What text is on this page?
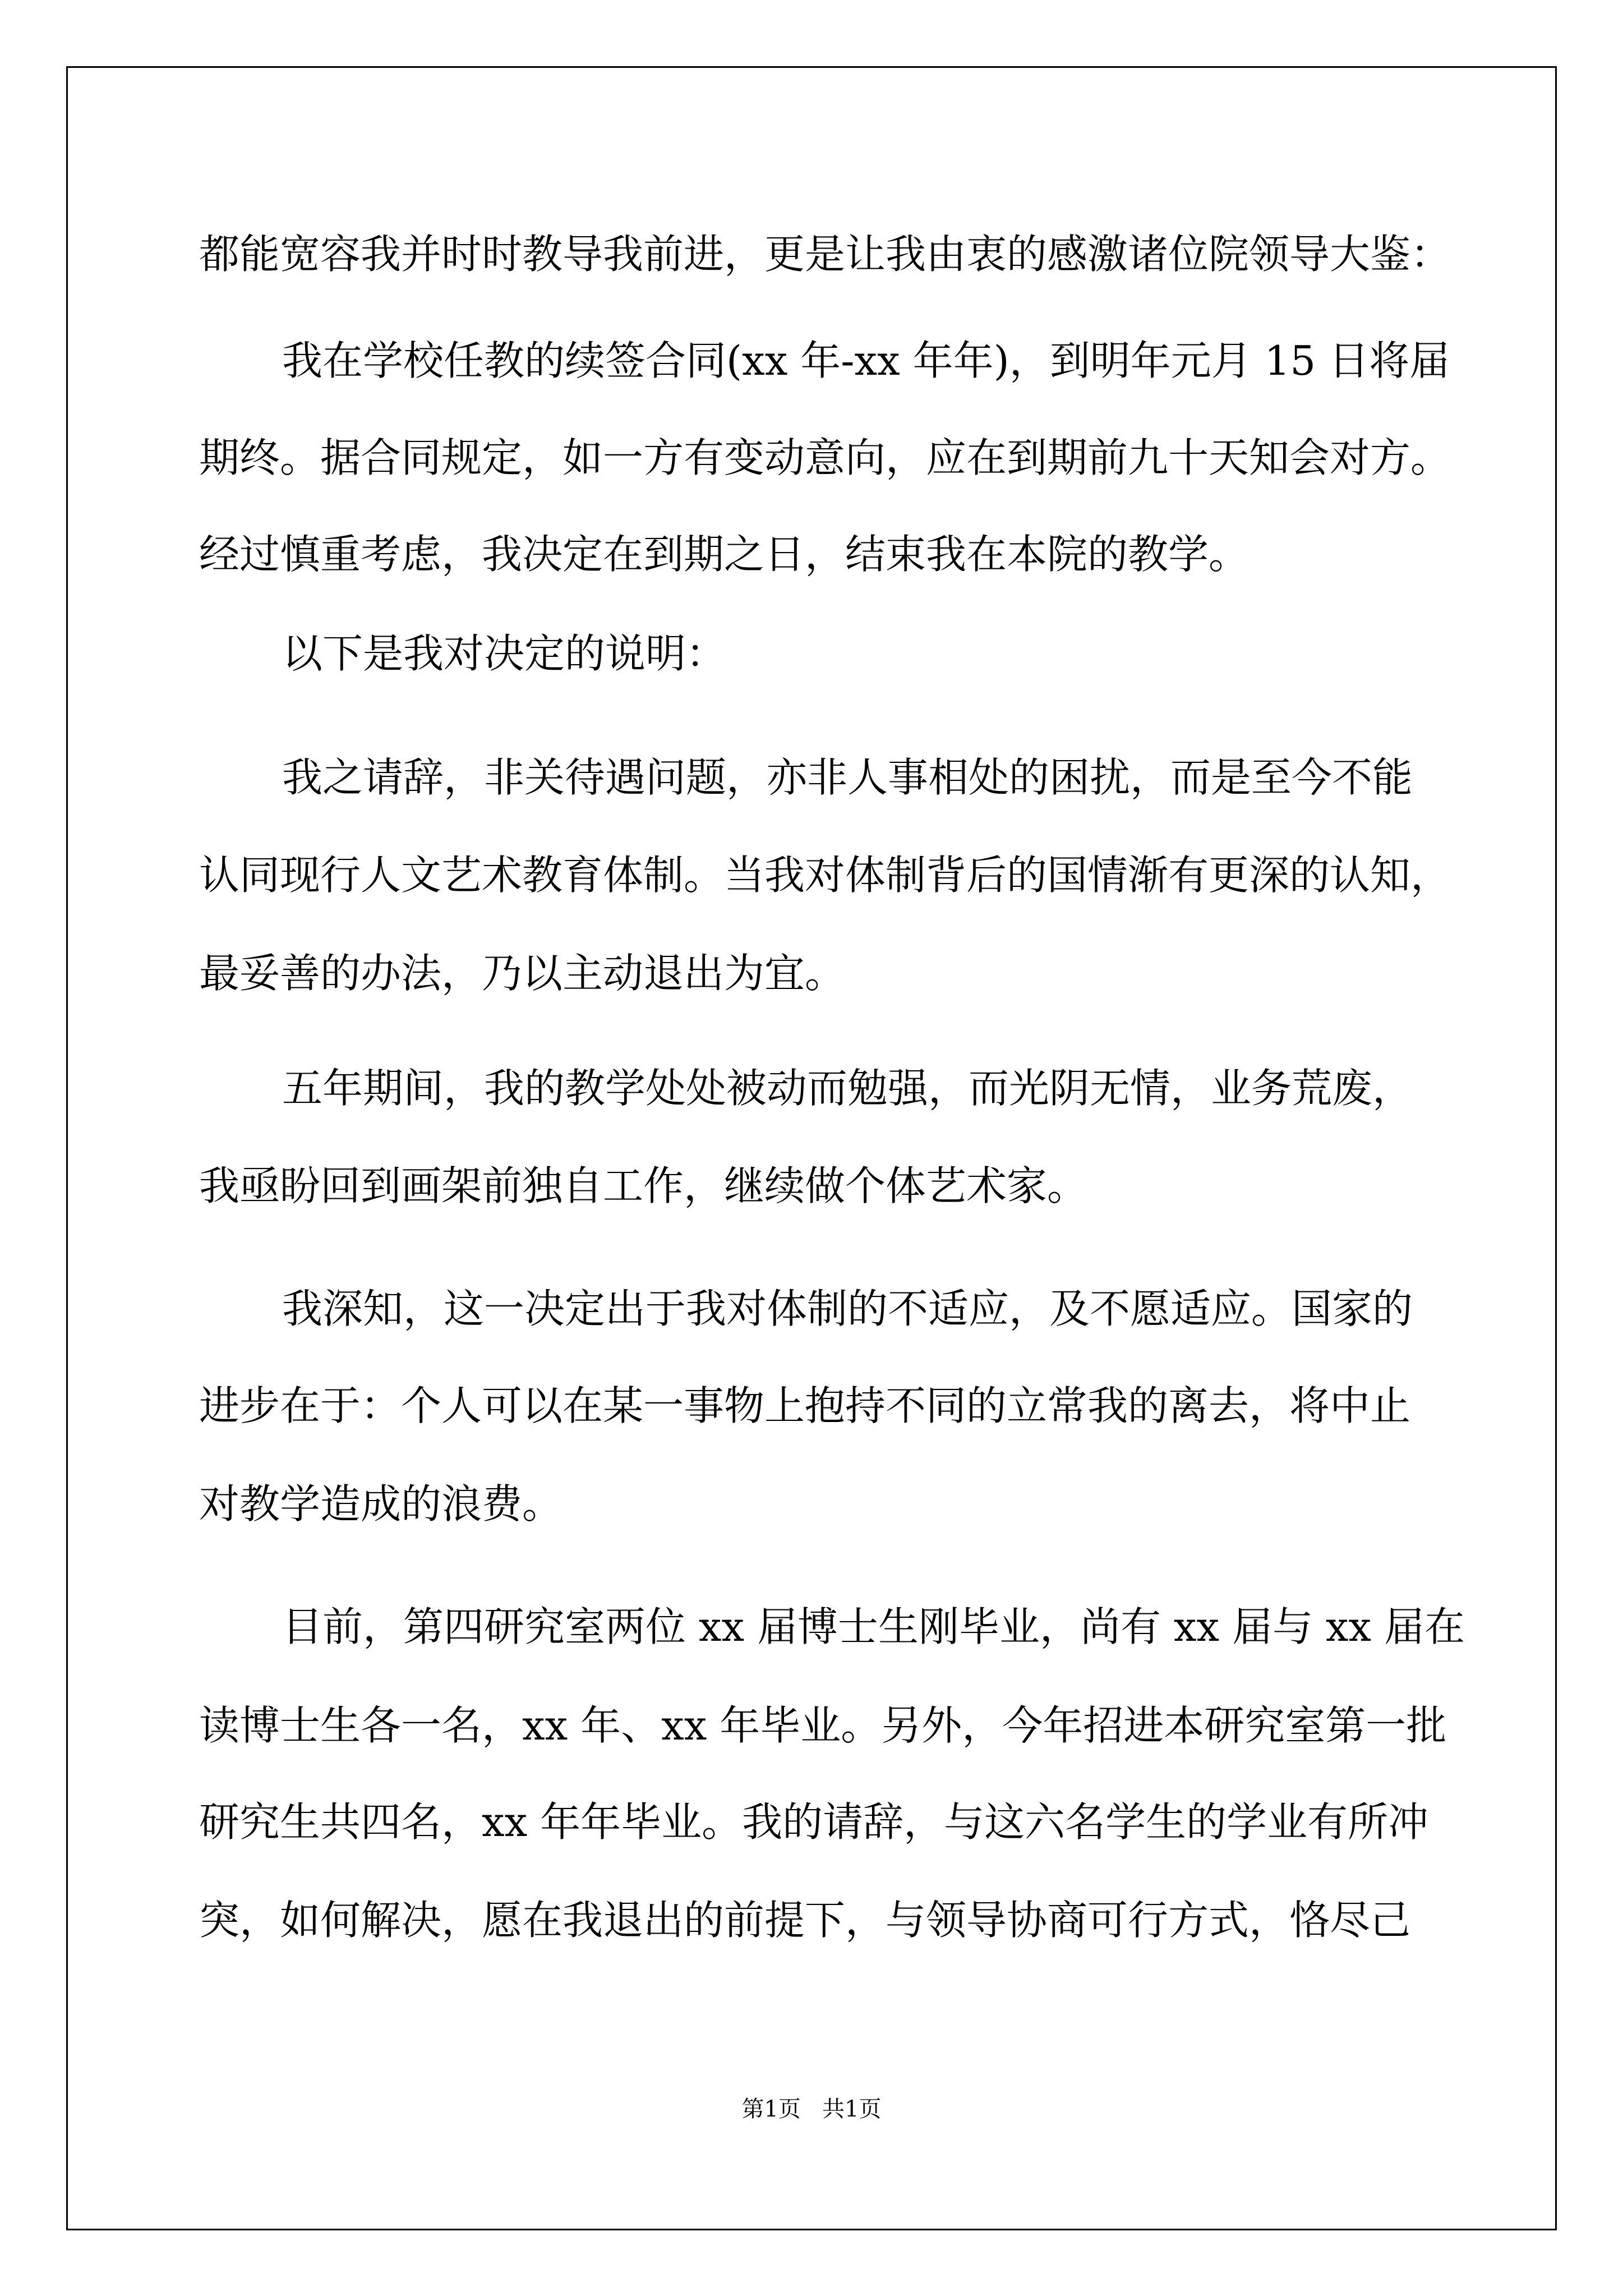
都能宽容我并时时教导我前进，更是让我由衷的感激诸位院领导大鉴：

我在学校任教的续签合同(xx 年-xx 年年)，到明年元月 15 日将届

期终。据合同规定，如一方有变动意向，应在到期前九十天知会对方。

经过慎重考虑，我决定在到期之日，结束我在本院的教学。

以下是我对决定的说明：

我之请辞，非关待遇问题，亦非人事相处的困扰，而是至今不能

认同现行人文艺术教育体制。当我对体制背后的国情渐有更深的认知，

最妥善的办法，乃以主动退出为宜。

五年期间，我的教学处处被动而勉强，而光阴无情，业务荒废，

我亟盼回到画架前独自工作，继续做个体艺术家。

我深知，这一决定出于我对体制的不适应，及不愿适应。国家的

进步在于：个人可以在某一事物上抱持不同的立常我的离去，将中止

对教学造成的浪费。

目前，第四研究室两位 xx 届博士生刚毕业，尚有 xx 届与 xx 届在

读博士生各一名，xx 年、xx 年毕业。另外，今年招进本研究室第一批

研究生共四名，xx 年年毕业。我的请辞，与这六名学生的学业有所冲

突，如何解决，愿在我退出的前提下，与领导协商可行方式，恪尽己

第1页   共1页
